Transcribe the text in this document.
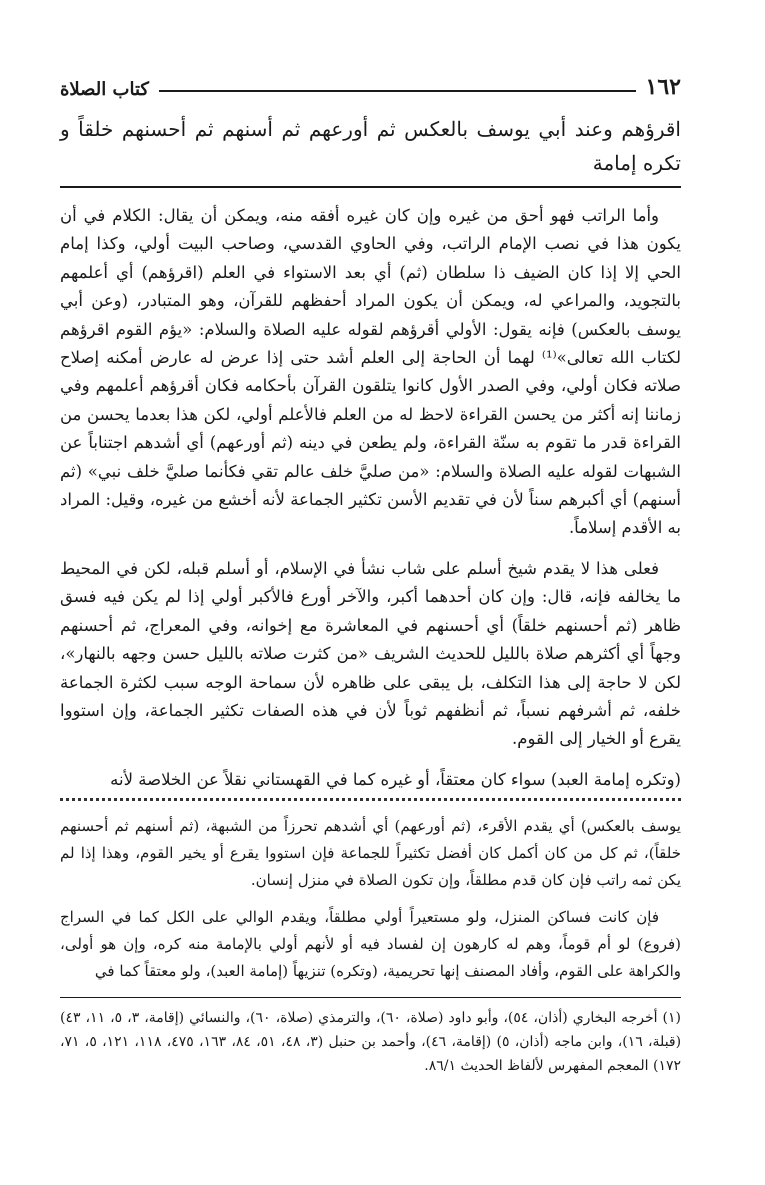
١٦٢
كتاب الصلاة
اقرؤهم وعند أبي يوسف بالعكس ثم أورعهم ثم أسنهم ثم أحسنهم خلقاً و تكره إمامة

وأما الراتب فهو أحق من غيره وإن كان غيره أفقه منه، ويمكن أن يقال: الكلام في أن يكون هذا في نصب الإمام الراتب، وفي الحاوي القدسي، وصاحب البيت أولي، وكذا إمام الحي إلا إذا كان الضيف ذا سلطان (ثم) أي بعد الاستواء في العلم (اقرؤهم) أي أعلمهم بالتجويد، والمراعي له، ويمكن أن يكون المراد أحفظهم للقرآن، وهو المتبادر، (وعن أبي يوسف بالعكس) فإنه يقول: الأولي أقرؤهم لقوله عليه الصلاة والسلام: «يؤم القوم اقرؤهم لكتاب الله تعالى»⁽¹⁾ لهما أن الحاجة إلى العلم أشد حتى إذا عرض له عارض أمكنه إصلاح صلاته فكان أولي، وفي الصدر الأول كانوا يتلقون القرآن بأحكامه فكان أقرؤهم أعلمهم وفي زماننا إنه أكثر من يحسن القراءة لاحظ له من العلم فالأعلم أولي، لكن هذا بعدما يحسن من القراءة قدر ما تقوم به سنّة القراءة، ولم يطعن في دينه (ثم أورعهم) أي أشدهم اجتناباً عن الشبهات لقوله عليه الصلاة والسلام: «من صليَّ خلف عالم تقي فكأنما صليَّ خلف نبي» (ثم أسنهم) أي أكبرهم سناً لأن في تقديم الأسن تكثير الجماعة لأنه أخشع من غيره، وقيل: المراد به الأقدم إسلاماً.

فعلى هذا لا يقدم شيخ أسلم على شاب نشأ في الإسلام، أو أسلم قبله، لكن في المحيط ما يخالفه فإنه، قال: وإن كان أحدهما أكبر، والآخر أورع فالأكبر أولي إذا لم يكن فيه فسق ظاهر (ثم أحسنهم خلقاً) أي أحسنهم في المعاشرة مع إخوانه، وفي المعراج، ثم أحسنهم وجهاً أي أكثرهم صلاة بالليل للحديث الشريف «من كثرت صلاته بالليل حسن وجهه بالنهار»، لكن لا حاجة إلى هذا التكلف، بل يبقى على ظاهره لأن سماحة الوجه سبب لكثرة الجماعة خلفه، ثم أشرفهم نسباً، ثم أنظفهم ثوباً لأن في هذه الصفات تكثير الجماعة، وإن استووا يقرع أو الخيار إلى القوم.

(وتكره إمامة العبد) سواء كان معتقاً، أو غيره كما في القهستاني نقلاً عن الخلاصة لأنه

يوسف بالعكس) أي يقدم الأقرء، (ثم أورعهم) أي أشدهم تحرزاً من الشبهة، (ثم أسنهم ثم أحسنهم خلقاً)، ثم كل من كان أكمل كان أفضل تكثيراً للجماعة فإن استووا يقرع أو يخير القوم، وهذا إذا لم يكن ثمه راتب فإن كان قدم مطلقاً، وإن تكون الصلاة في منزل إنسان.

فإن كانت فساكن المنزل، ولو مستعيراً أولي مطلقاً، ويقدم الوالي على الكل كما في السراج (فروع) لو أم قوماً، وهم له كارهون إن لفساد فيه أو لأنهم أولي بالإمامة منه كره، وإن هو أولى، والكراهة على القوم، وأفاد المصنف إنها تحريمية، (وتكره) تنزيهاً (إمامة العبد)، ولو معتقاً كما في

(١) أخرجه البخاري (أذان، ٥٤)، وأبو داود (صلاة، ٦٠)، والترمذي (صلاة، ٦٠)، والنسائي (إقامة، ٣، ٥، ١١، ٤٣) (قبلة، ١٦)، وابن ماجه (أذان، ٥) (إقامة، ٤٦)، وأحمد بن حنبل (٣، ٤٨، ٥١، ٨٤، ١٦٣، ٤٧٥، ١١٨، ١٢١، ٥، ٧١، ١٧٢) المعجم المفهرس لألفاظ الحديث ٨٦/١.
